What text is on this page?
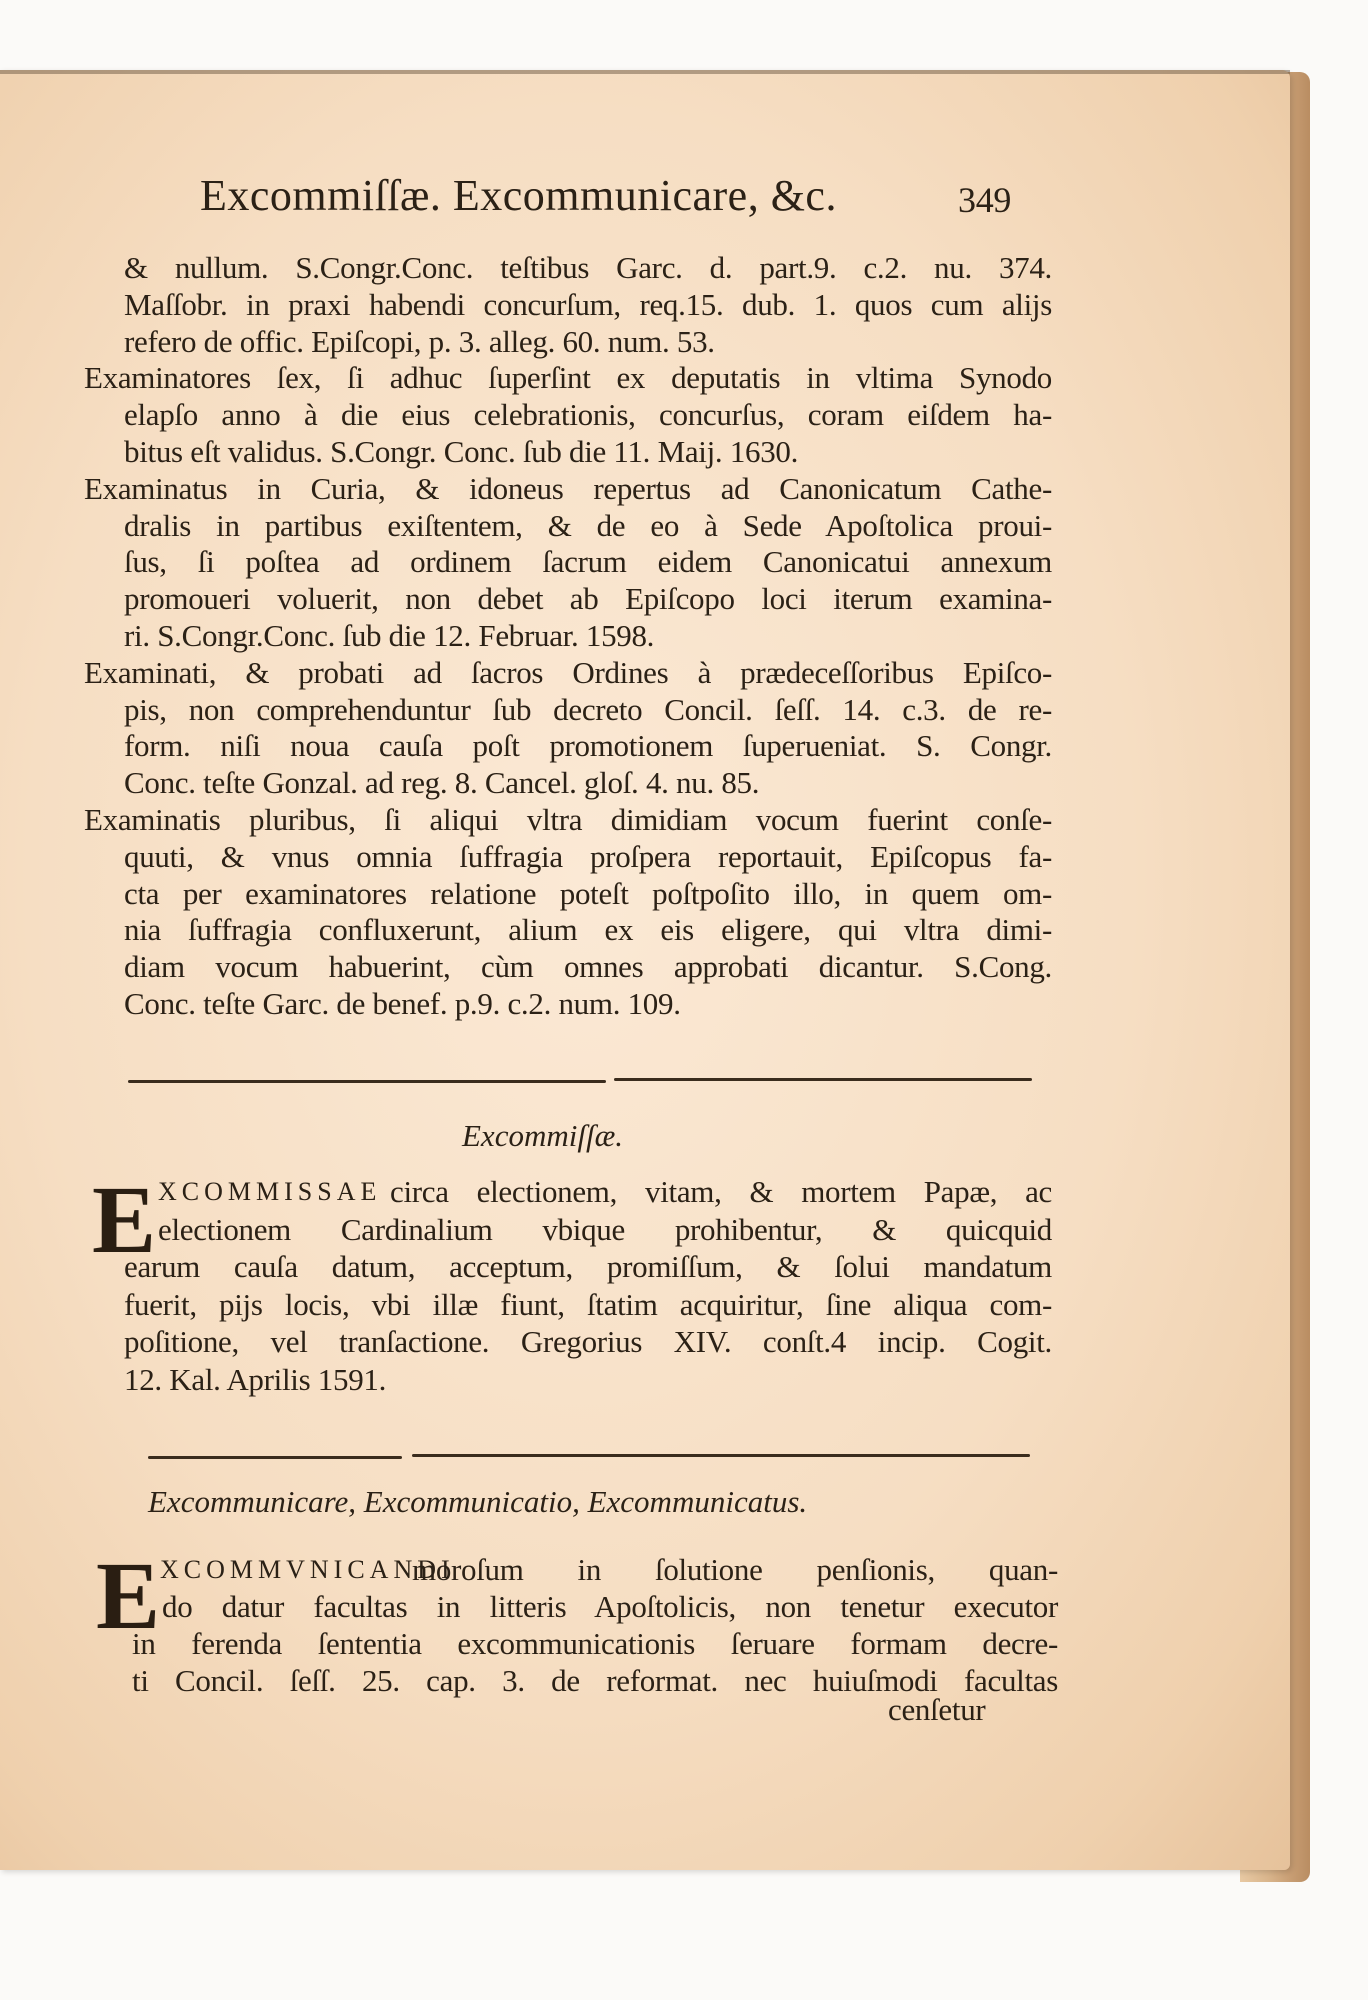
Excommiſſæ. Excommunicare, &c.	349
& nullum. S.Congr.Conc. teſtibus Garc. d. part.9. c.2. nu. 374.
Maſſobr. in praxi habendi concurſum, req.15. dub. 1. quos cum alijs
refero de offic. Epiſcopi, p. 3. alleg. 60. num. 53.
Examinatores ſex, ſi adhuc ſuperſint ex deputatis in vltima Synodo
elapſo anno à die eius celebrationis, concurſus, coram eiſdem ha-
bitus eſt validus. S.Congr. Conc. ſub die 11. Maij. 1630.
Examinatus in Curia, & idoneus repertus ad Canonicatum Cathe-
dralis in partibus exiſtentem, & de eo à Sede Apoſtolica proui-
ſus, ſi poſtea ad ordinem ſacrum eidem Canonicatui annexum
promoueri voluerit, non debet ab Epiſcopo loci iterum examina-
ri. S.Congr.Conc. ſub die 12. Februar. 1598.
Examinati, & probati ad ſacros Ordines à prædeceſſoribus Epiſco-
pis, non comprehenduntur ſub decreto Concil. ſeſſ. 14. c.3. de re-
form. niſi noua cauſa poſt promotionem ſuperueniat. S. Congr.
Conc. teſte Gonzal. ad reg. 8. Cancel. gloſ. 4. nu. 85.
Examinatis pluribus, ſi aliqui vltra dimidiam vocum fuerint conſe-
quuti, & vnus omnia ſuffragia proſpera reportauit, Epiſcopus fa-
cta per examinatores relatione poteſt poſtpoſito illo, in quem om-
nia ſuffragia confluxerunt, alium ex eis eligere, qui vltra dimi-
diam vocum habuerint, cùm omnes approbati dicantur. S.Cong.
Conc. teſte Garc. de benef. p.9. c.2. num. 109.
Excommiſſæ.
E XCOMMISSAE circa electionem, vitam, & mortem Papæ, ac
electionem Cardinalium vbique prohibentur, & quicquid
earum cauſa datum, acceptum, promiſſum, & ſolui mandatum
fuerit, pijs locis, vbi illæ fiunt, ſtatim acquiritur, ſine aliqua com-
poſitione, vel tranſactione. Gregorius XIV. conſt.4 incip. Cogit.
12. Kal. Aprilis 1591.
Excommunicare, Excommunicatio, Excommunicatus.
E XCOMMVNICANDI
moroſum in ſolutione penſionis, quan-
do datur facultas in litteris Apoſtolicis, non tenetur executor
in ferenda ſententia excommunicationis ſeruare formam decre-
ti Concil. ſeſſ. 25. cap. 3. de reformat. nec huiuſmodi facultas
cenſetur
